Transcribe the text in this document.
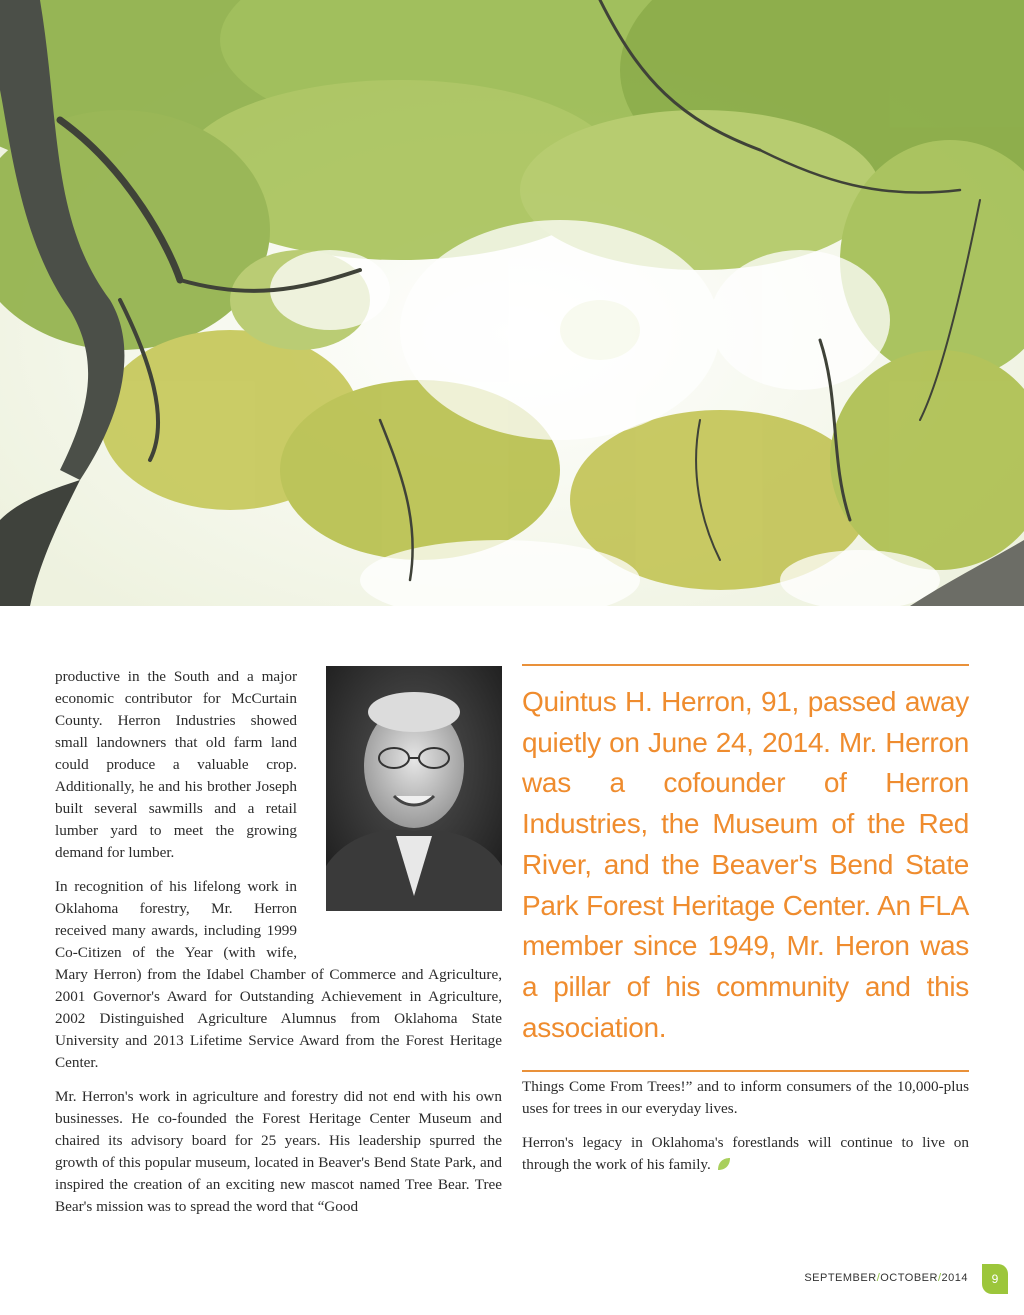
productive in the South and a major economic contributor for McCurtain County. Herron Industries showed small landowners that old farm land could produce a valuable crop. Additionally, he and his brother Joseph built several sawmills and a retail lumber yard to meet the growing demand for lumber.

In recognition of his lifelong work in Oklahoma forestry, Mr. Herron received many awards, including 1999 Co-Citizen of the Year (with wife, Mary Herron) from the Idabel Chamber of Commerce and Agriculture, 2001 Governor's Award for Outstanding Achievement in Agriculture, 2002 Distinguished Agriculture Alumnus from Oklahoma State University and 2013 Lifetime Service Award from the Forest Heritage Center.

Mr. Herron's work in agriculture and forestry did not end with his own businesses. He co-founded the Forest Heritage Center Museum and chaired its advisory board for 25 years. His leadership spurred the growth of this popular museum, located in Beaver's Bend State Park, and inspired the creation of an exciting new mascot named Tree Bear. Tree Bear's mission was to spread the word that “Good

Quintus H. Herron, 91, passed away quietly on June 24, 2014. Mr. Herron was a cofounder of Herron Industries, the Museum of the Red River, and the Beaver's Bend State Park Forest Heritage Center. An FLA member since 1949, Mr. Heron was a pillar of his community and this association.

Things Come From Trees!” and to inform consumers of the 10,000-plus uses for trees in our everyday lives.

Herron's legacy in Oklahoma's forestlands will continue to live on through the work of his family.

SEPTEMBER / OCTOBER / 2014	9
